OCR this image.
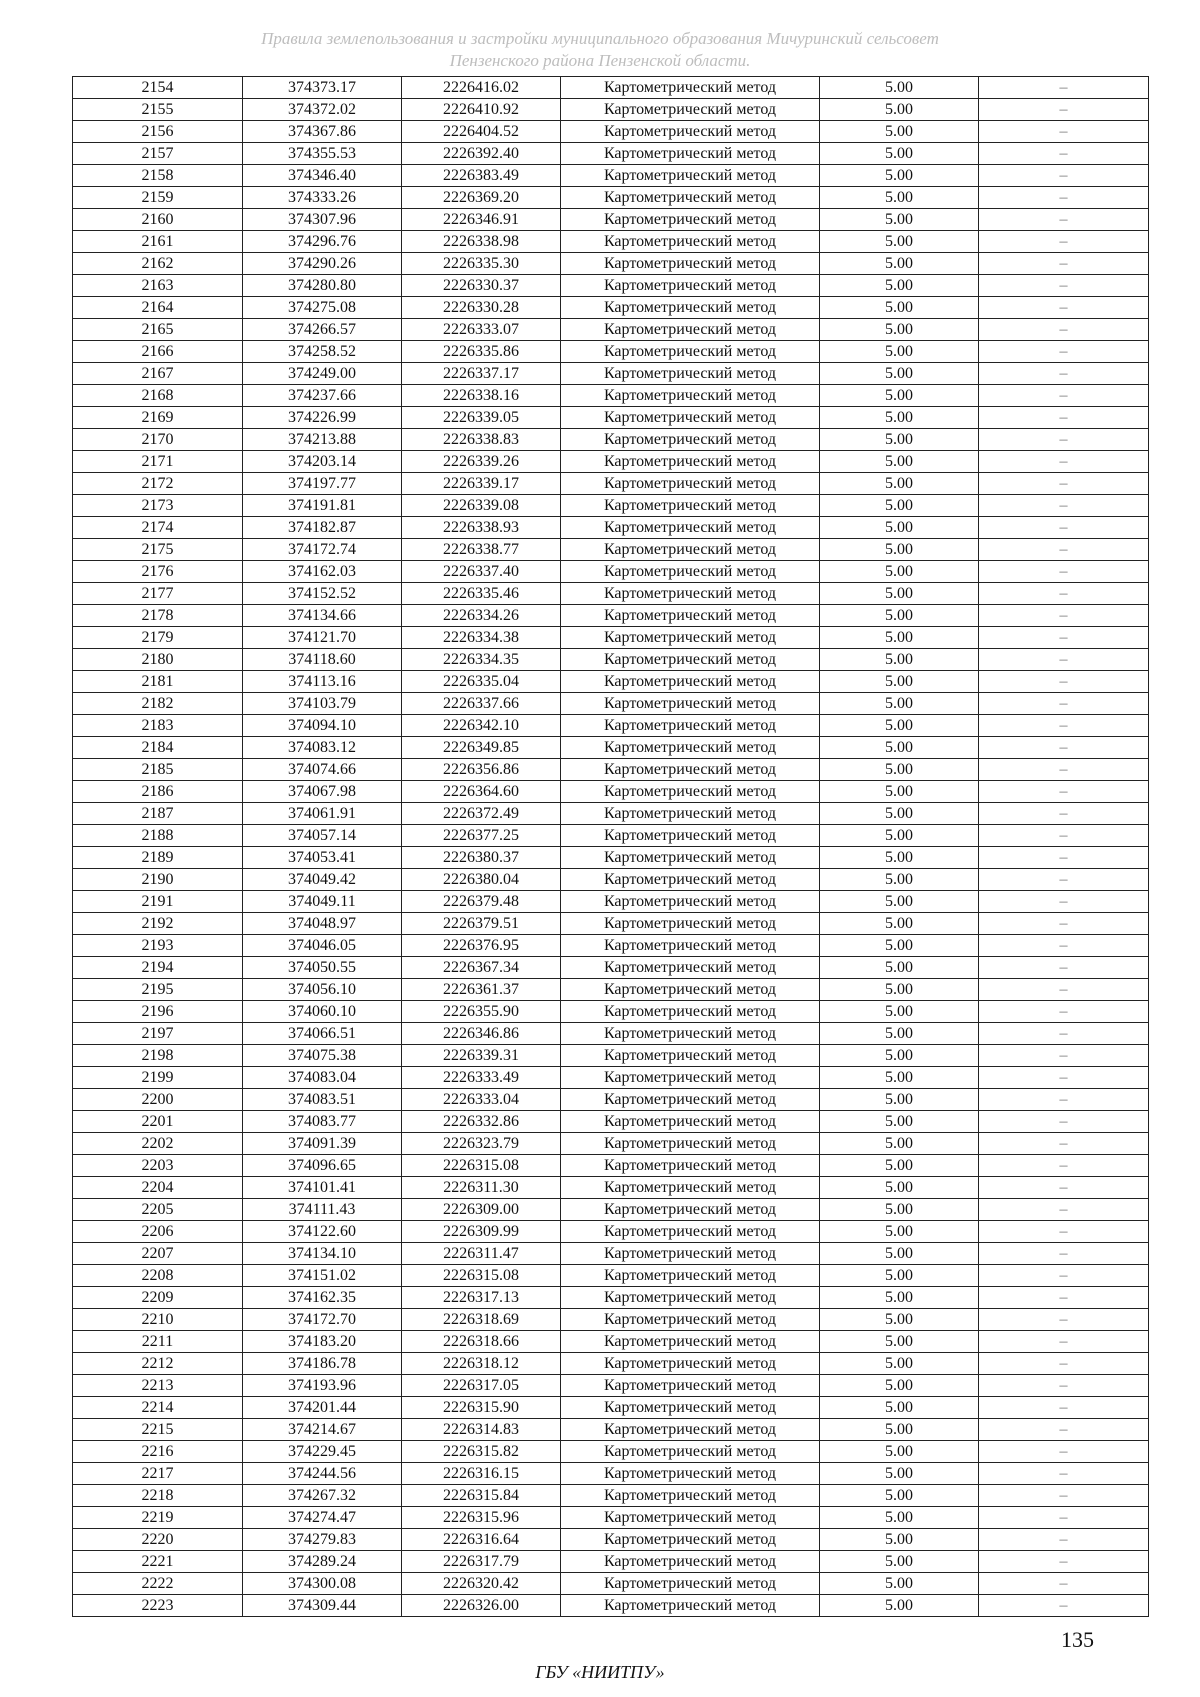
Правила землепользования и застройки муниципального образования Мичуринский сельсовет
Пензенского района Пензенской области.
2154	374373.17	2226416.02	Картометрический метод	5.00	–
2155	374372.02	2226410.92	Картометрический метод	5.00	–
2156	374367.86	2226404.52	Картометрический метод	5.00	–
2157	374355.53	2226392.40	Картометрический метод	5.00	–
2158	374346.40	2226383.49	Картометрический метод	5.00	–
2159	374333.26	2226369.20	Картометрический метод	5.00	–
2160	374307.96	2226346.91	Картометрический метод	5.00	–
2161	374296.76	2226338.98	Картометрический метод	5.00	–
2162	374290.26	2226335.30	Картометрический метод	5.00	–
2163	374280.80	2226330.37	Картометрический метод	5.00	–
2164	374275.08	2226330.28	Картометрический метод	5.00	–
2165	374266.57	2226333.07	Картометрический метод	5.00	–
2166	374258.52	2226335.86	Картометрический метод	5.00	–
2167	374249.00	2226337.17	Картометрический метод	5.00	–
2168	374237.66	2226338.16	Картометрический метод	5.00	–
2169	374226.99	2226339.05	Картометрический метод	5.00	–
2170	374213.88	2226338.83	Картометрический метод	5.00	–
2171	374203.14	2226339.26	Картометрический метод	5.00	–
2172	374197.77	2226339.17	Картометрический метод	5.00	–
2173	374191.81	2226339.08	Картометрический метод	5.00	–
2174	374182.87	2226338.93	Картометрический метод	5.00	–
2175	374172.74	2226338.77	Картометрический метод	5.00	–
2176	374162.03	2226337.40	Картометрический метод	5.00	–
2177	374152.52	2226335.46	Картометрический метод	5.00	–
2178	374134.66	2226334.26	Картометрический метод	5.00	–
2179	374121.70	2226334.38	Картометрический метод	5.00	–
2180	374118.60	2226334.35	Картометрический метод	5.00	–
2181	374113.16	2226335.04	Картометрический метод	5.00	–
2182	374103.79	2226337.66	Картометрический метод	5.00	–
2183	374094.10	2226342.10	Картометрический метод	5.00	–
2184	374083.12	2226349.85	Картометрический метод	5.00	–
2185	374074.66	2226356.86	Картометрический метод	5.00	–
2186	374067.98	2226364.60	Картометрический метод	5.00	–
2187	374061.91	2226372.49	Картометрический метод	5.00	–
2188	374057.14	2226377.25	Картометрический метод	5.00	–
2189	374053.41	2226380.37	Картометрический метод	5.00	–
2190	374049.42	2226380.04	Картометрический метод	5.00	–
2191	374049.11	2226379.48	Картометрический метод	5.00	–
2192	374048.97	2226379.51	Картометрический метод	5.00	–
2193	374046.05	2226376.95	Картометрический метод	5.00	–
2194	374050.55	2226367.34	Картометрический метод	5.00	–
2195	374056.10	2226361.37	Картометрический метод	5.00	–
2196	374060.10	2226355.90	Картометрический метод	5.00	–
2197	374066.51	2226346.86	Картометрический метод	5.00	–
2198	374075.38	2226339.31	Картометрический метод	5.00	–
2199	374083.04	2226333.49	Картометрический метод	5.00	–
2200	374083.51	2226333.04	Картометрический метод	5.00	–
2201	374083.77	2226332.86	Картометрический метод	5.00	–
2202	374091.39	2226323.79	Картометрический метод	5.00	–
2203	374096.65	2226315.08	Картометрический метод	5.00	–
2204	374101.41	2226311.30	Картометрический метод	5.00	–
2205	374111.43	2226309.00	Картометрический метод	5.00	–
2206	374122.60	2226309.99	Картометрический метод	5.00	–
2207	374134.10	2226311.47	Картометрический метод	5.00	–
2208	374151.02	2226315.08	Картометрический метод	5.00	–
2209	374162.35	2226317.13	Картометрический метод	5.00	–
2210	374172.70	2226318.69	Картометрический метод	5.00	–
2211	374183.20	2226318.66	Картометрический метод	5.00	–
2212	374186.78	2226318.12	Картометрический метод	5.00	–
2213	374193.96	2226317.05	Картометрический метод	5.00	–
2214	374201.44	2226315.90	Картометрический метод	5.00	–
2215	374214.67	2226314.83	Картометрический метод	5.00	–
2216	374229.45	2226315.82	Картометрический метод	5.00	–
2217	374244.56	2226316.15	Картометрический метод	5.00	–
2218	374267.32	2226315.84	Картометрический метод	5.00	–
2219	374274.47	2226315.96	Картометрический метод	5.00	–
2220	374279.83	2226316.64	Картометрический метод	5.00	–
2221	374289.24	2226317.79	Картометрический метод	5.00	–
2222	374300.08	2226320.42	Картометрический метод	5.00	–
2223	374309.44	2226326.00	Картометрический метод	5.00	–
135
ГБУ «НИИТПУ»
